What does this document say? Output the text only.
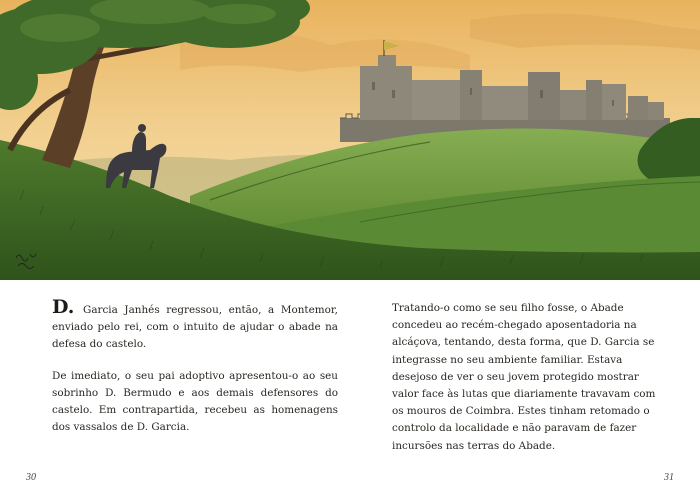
D. Garcia Janhés regressou, então, a Montemor, enviado pelo rei, com o intuito de ajudar o abade na defesa do castelo.

De imediato, o seu pai adoptivo apresentou-o ao seu sobrinho D. Bermudo e aos demais defensores do castelo. Em contrapartida, recebeu as homenagens dos vassalos de D. Garcia.

Tratando-o como se seu filho fosse, o Abade concedeu ao recém-chegado aposentadoria na alcáçova, tentando, desta forma, que D. Garcia se integrasse no seu ambiente familiar. Estava desejoso de ver o seu jovem protegido mostrar valor face às lutas que diariamente travavam com os mouros de Coimbra. Estes tinham retomado o controlo da localidade e não paravam de fazer incursões nas terras do Abade.

30	31
